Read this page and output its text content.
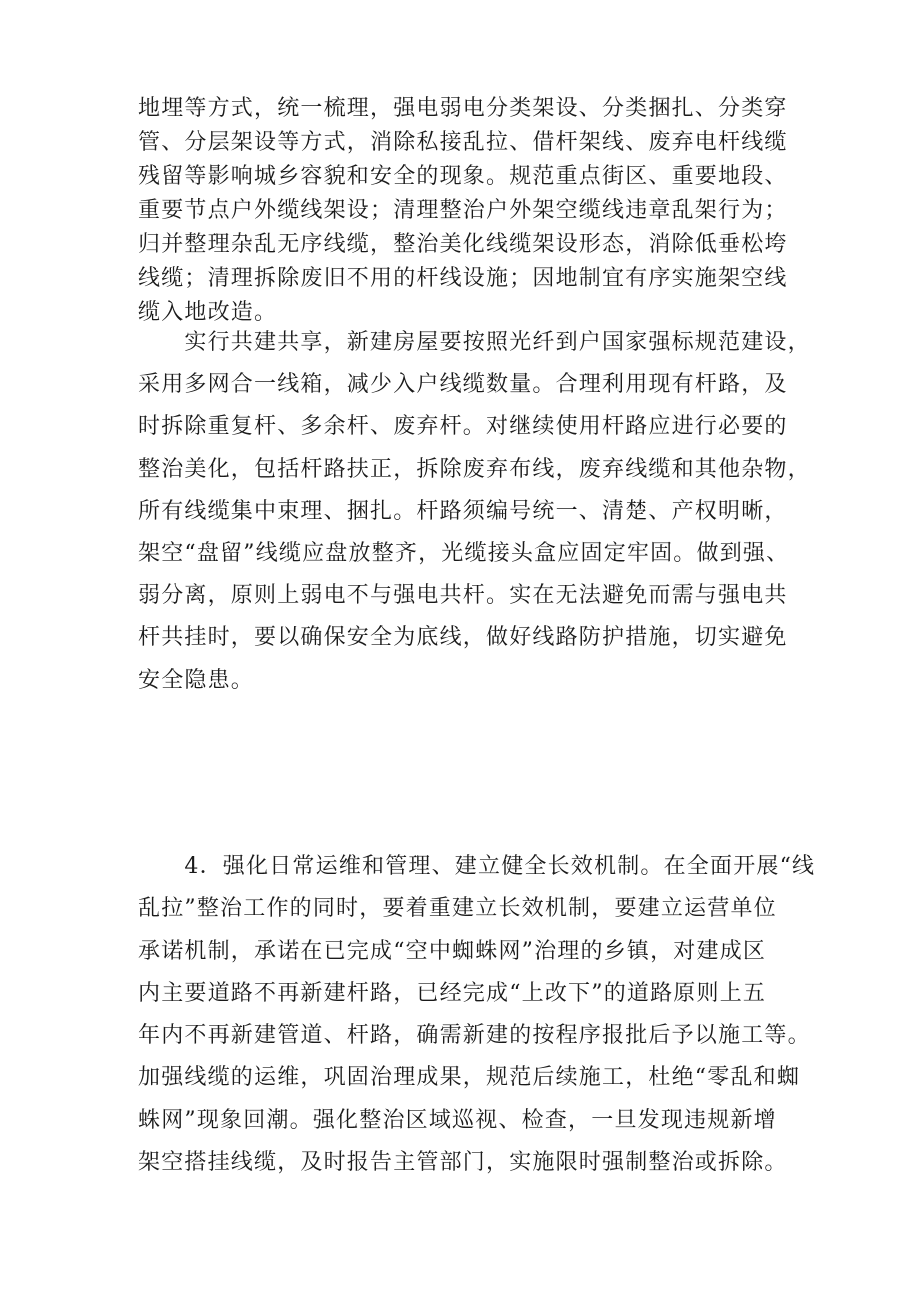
地埋等方式，统一梳理，强电弱电分类架设、分类捆扎、分类穿
管、分层架设等方式，消除私接乱拉、借杆架线、废弃电杆线缆
残留等影响城乡容貌和安全的现象。规范重点街区、重要地段、
重要节点户外缆线架设；清理整治户外架空缆线违章乱架行为；
归并整理杂乱无序线缆，整治美化线缆架设形态，消除低垂松垮
线缆；清理拆除废旧不用的杆线设施；因地制宜有序实施架空线
缆入地改造。

　　实行共建共享，新建房屋要按照光纤到户国家强标规范建设，
采用多网合一线箱，减少入户线缆数量。合理利用现有杆路，及
时拆除重复杆、多余杆、废弃杆。对继续使用杆路应进行必要的
整治美化，包括杆路扶正，拆除废弃布线，废弃线缆和其他杂物，
所有线缆集中束理、捆扎。杆路须编号统一、清楚、产权明晰，
架空“盘留”线缆应盘放整齐，光缆接头盒应固定牢固。做到强、
弱分离，原则上弱电不与强电共杆。实在无法避免而需与强电共
杆共挂时，要以确保安全为底线，做好线路防护措施，切实避免
安全隐患。

　　4．强化日常运维和管理、建立健全长效机制。在全面开展“线
乱拉”整治工作的同时，要着重建立长效机制，要建立运营单位
承诺机制，承诺在已完成“空中蜘蛛网”治理的乡镇，对建成区
内主要道路不再新建杆路，已经完成“上改下”的道路原则上五
年内不再新建管道、杆路，确需新建的按程序报批后予以施工等。
加强线缆的运维，巩固治理成果，规范后续施工，杜绝“零乱和蜘
蛛网”现象回潮。强化整治区域巡视、检查，一旦发现违规新增
架空搭挂线缆，及时报告主管部门，实施限时强制整治或拆除。
